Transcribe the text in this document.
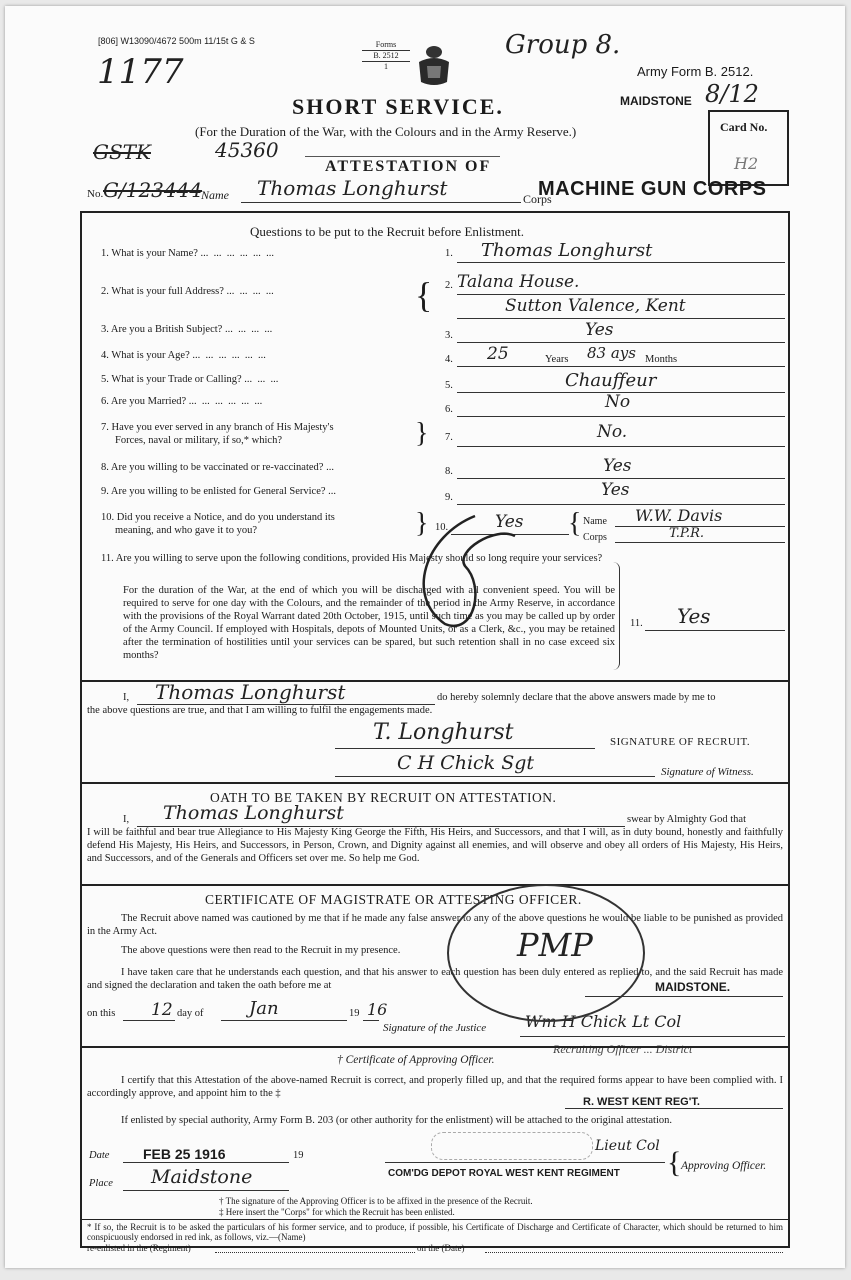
[806] W13090/4672 500m 11/15t G & S
1177
Forms
B. 2512
1
Group 8.
Army Form B. 2512.
MAIDSTONE 8/12
Card No.
H2
SHORT SERVICE.
(For the Duration of the War, with the Colours and in the Army Reserve.)
GSTK	45360
ATTESTATION OF
No. G/123444
Name Thomas Longhurst	Corps
MACHINE GUN CORPS
Questions to be put to the Recruit before Enlistment.
1. What is your Name? ...  ...  ...  ...  ...  ...	1. Thomas Longhurst
2. What is your full Address? ...  ...  ...  ...	{ 2. Talana House.
Sutton Valence, Kent
3. Are you a British Subject? ...  ...  ...  ...
3.	Yes
4. What is your Age? ...  ...  ...  ...  ...  ...	4. 25	Years 83 ays Months
5. What is your Trade or Calling? ...  ...  ...
5.	Chauffeur
6. Are you Married? ...  ...  ...  ...  ...  ...
6.	No
7. Have you ever served in any branch of His Majesty's
Forces, naval or military, if so,* which?	} 7.	No.
8. Are you willing to be vaccinated or re-vaccinated? ...	8.	Yes
9. Are you willing to be enlisted for General Service? ...
9.	Yes
10. Did you receive a Notice, and do you understand its
meaning, and who gave it to you?	} 10.	Yes { Name W.W. Davis
Corps	T.P.R.
11. Are you willing to serve upon the following conditions, provided His Majesty should so long require your services?
For the duration of the War, at the end of which you will be discharged with all convenient speed. You will be required to serve for one day with the Colours, and the remainder of the period in the Army Reserve, in accordance with the provisions of the Royal Warrant dated 20th October, 1915, until such time as you may be called up by order of the Army Council. If employed with Hospitals, depots of Mounted Units, or as a Clerk, &c., you may be retained after the termination of hostilities until your services can be spared, but such retention shall in no case exceed six months?
11. Yes
I, Thomas Longhurst	do hereby solemnly declare that the above answers made by me to
the above questions are true, and that I am willing to fulfil the engagements made.
T. Longhurst	SIGNATURE OF RECRUIT.
C H Chick Sgt	Signature of Witness.
OATH TO BE TAKEN BY RECRUIT ON ATTESTATION.
I, Thomas Longhurst	swear by Almighty God that
I will be faithful and bear true Allegiance to His Majesty King George the Fifth, His Heirs, and Successors, and that I will, as in duty bound, honestly and faithfully defend His Majesty, His Heirs, and Successors, in Person, Crown, and Dignity against all enemies, and will observe and obey all orders of His Majesty, His Heirs, and Successors, and of the Generals and Officers set over me. So help me God.
CERTIFICATE OF MAGISTRATE OR ATTESTING OFFICER.
The Recruit above named was cautioned by me that if he made any false answer to any of the above questions he would be liable to be punished as provided in the Army Act.
The above questions were then read to the Recruit in my presence.
I have taken care that he understands each question, and that his answer to each question has been duly entered as replied to, and the said Recruit has made and signed the declaration and taken the oath before me at	MAIDSTONE.
on this 12 day of	Jan	19 16
Signature of the Justice Wm H Chick Lt Col
Recruiting Officer ... District
PMP
† Certificate of Approving Officer.
I certify that this Attestation of the above-named Recruit is correct, and properly filled up, and that the required forms appear to have been complied with. I accordingly approve, and appoint him to the ‡
R. WEST KENT REG'T.
If enlisted by special authority, Army Form B. 203 (or other authority for the enlistment) will be attached to the original attestation.
Date FEB 25 1916	19
Place Maidstone
Lieut Col
COM'DG DEPOT ROYAL WEST KENT REGIMENT { Approving Officer.
† The signature of the Approving Officer is to be affixed in the presence of the Recruit.
‡ Here insert the "Corps" for which the Recruit has been enlisted.
* If so, the Recruit is to be asked the particulars of his former service, and to produce, if possible, his Certificate of Discharge and Certificate of Character, which should be returned to him conspicuously endorsed in red ink, as follows, viz.—(Name)
re-enlisted in the (Regiment)	on the (Date)
